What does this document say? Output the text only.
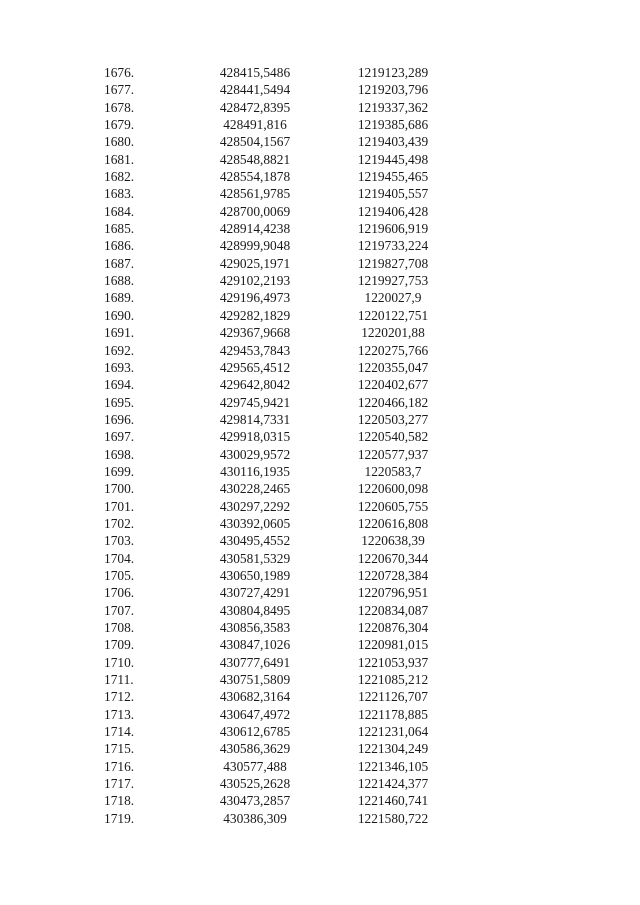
1676.	428415,5486	1219123,289
1677.	428441,5494	1219203,796
1678.	428472,8395	1219337,362
1679.	428491,816	1219385,686
1680.	428504,1567	1219403,439
1681.	428548,8821	1219445,498
1682.	428554,1878	1219455,465
1683.	428561,9785	1219405,557
1684.	428700,0069	1219406,428
1685.	428914,4238	1219606,919
1686.	428999,9048	1219733,224
1687.	429025,1971	1219827,708
1688.	429102,2193	1219927,753
1689.	429196,4973	1220027,9
1690.	429282,1829	1220122,751
1691.	429367,9668	1220201,88
1692.	429453,7843	1220275,766
1693.	429565,4512	1220355,047
1694.	429642,8042	1220402,677
1695.	429745,9421	1220466,182
1696.	429814,7331	1220503,277
1697.	429918,0315	1220540,582
1698.	430029,9572	1220577,937
1699.	430116,1935	1220583,7
1700.	430228,2465	1220600,098
1701.	430297,2292	1220605,755
1702.	430392,0605	1220616,808
1703.	430495,4552	1220638,39
1704.	430581,5329	1220670,344
1705.	430650,1989	1220728,384
1706.	430727,4291	1220796,951
1707.	430804,8495	1220834,087
1708.	430856,3583	1220876,304
1709.	430847,1026	1220981,015
1710.	430777,6491	1221053,937
1711.	430751,5809	1221085,212
1712.	430682,3164	1221126,707
1713.	430647,4972	1221178,885
1714.	430612,6785	1221231,064
1715.	430586,3629	1221304,249
1716.	430577,488	1221346,105
1717.	430525,2628	1221424,377
1718.	430473,2857	1221460,741
1719.	430386,309	1221580,722
